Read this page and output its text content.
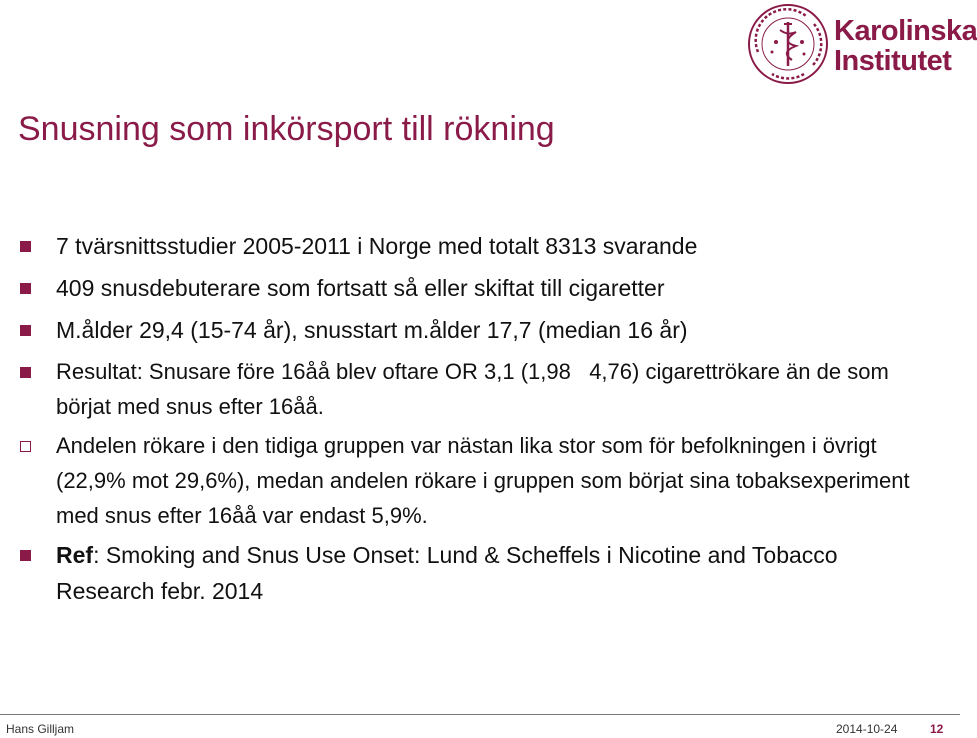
Karolinska
Institutet
Snusning som inkörsport till rökning
7 tvärsnittsstudier 2005-2011 i Norge med totalt 8313 svarande
409 snusdebuterare som fortsatt så eller skiftat till cigaretter
M.ålder 29,4 (15-74 år), snusstart m.ålder 17,7 (median 16 år)
Resultat: Snusare före 16åå blev oftare OR 3,1 (1,98   4,76) cigarettrökare än de som börjat med snus efter 16åå.
Andelen rökare i den tidiga gruppen var nästan lika stor som för befolkningen i övrigt (22,9% mot 29,6%), medan andelen rökare i gruppen som börjat sina tobaksexperiment med snus efter 16åå var endast 5,9%.
Ref: Smoking and Snus Use Onset: Lund & Scheffels i Nicotine and Tobacco Research febr. 2014
Hans Gilljam	2014-10-24	12
